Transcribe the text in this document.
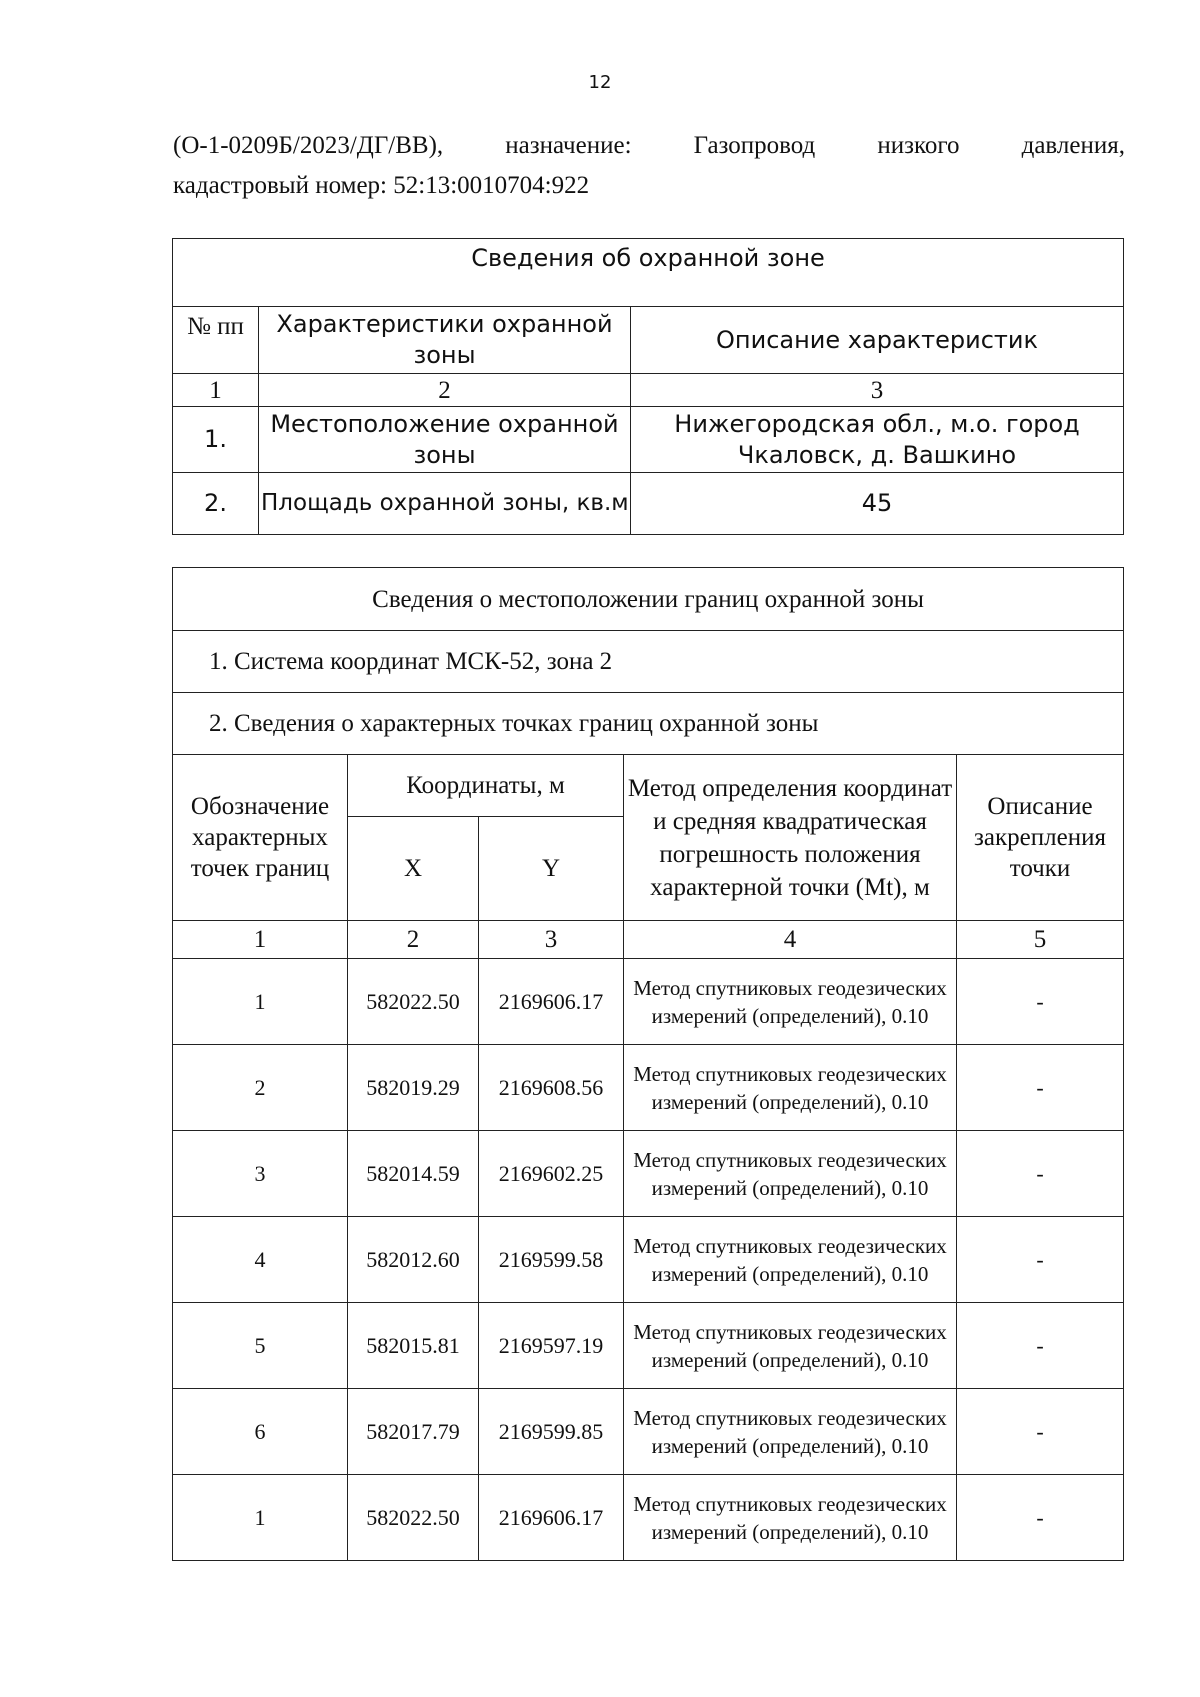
12
(О-1-0209Б/2023/ДГ/ВВ), назначение: Газопровод низкого давления,
кадастровый номер: 52:13:0010704:922
Сведения об охранной зоне		
№ пп	Характеристики охранной зоны	Описание характеристик
1	2	3
1.	Местоположение охранной зоны	Нижегородская обл., м.о. город Чкаловск, д. Вашкино
2.	Площадь охранной зоны, кв.м	45
Сведения о местоположении границ охранной зоны				
1. Система координат МСК-52, зона 2				
2. Сведения о характерных точках границ охранной зоны				
Обозначение характерных точек границ	Координаты, м		Метод определения координат и средняя квадратическая погрешность положения характерной точки (Mt), м	Описание закрепления точки
	X	Y		
1	2	3	4	5
1	582022.50	2169606.17	Метод спутниковых геодезических измерений (определений), 0.10	-
2	582019.29	2169608.56	Метод спутниковых геодезических измерений (определений), 0.10	-
3	582014.59	2169602.25	Метод спутниковых геодезических измерений (определений), 0.10	-
4	582012.60	2169599.58	Метод спутниковых геодезических измерений (определений), 0.10	-
5	582015.81	2169597.19	Метод спутниковых геодезических измерений (определений), 0.10	-
6	582017.79	2169599.85	Метод спутниковых геодезических измерений (определений), 0.10	-
1	582022.50	2169606.17	Метод спутниковых геодезических измерений (определений), 0.10	-
